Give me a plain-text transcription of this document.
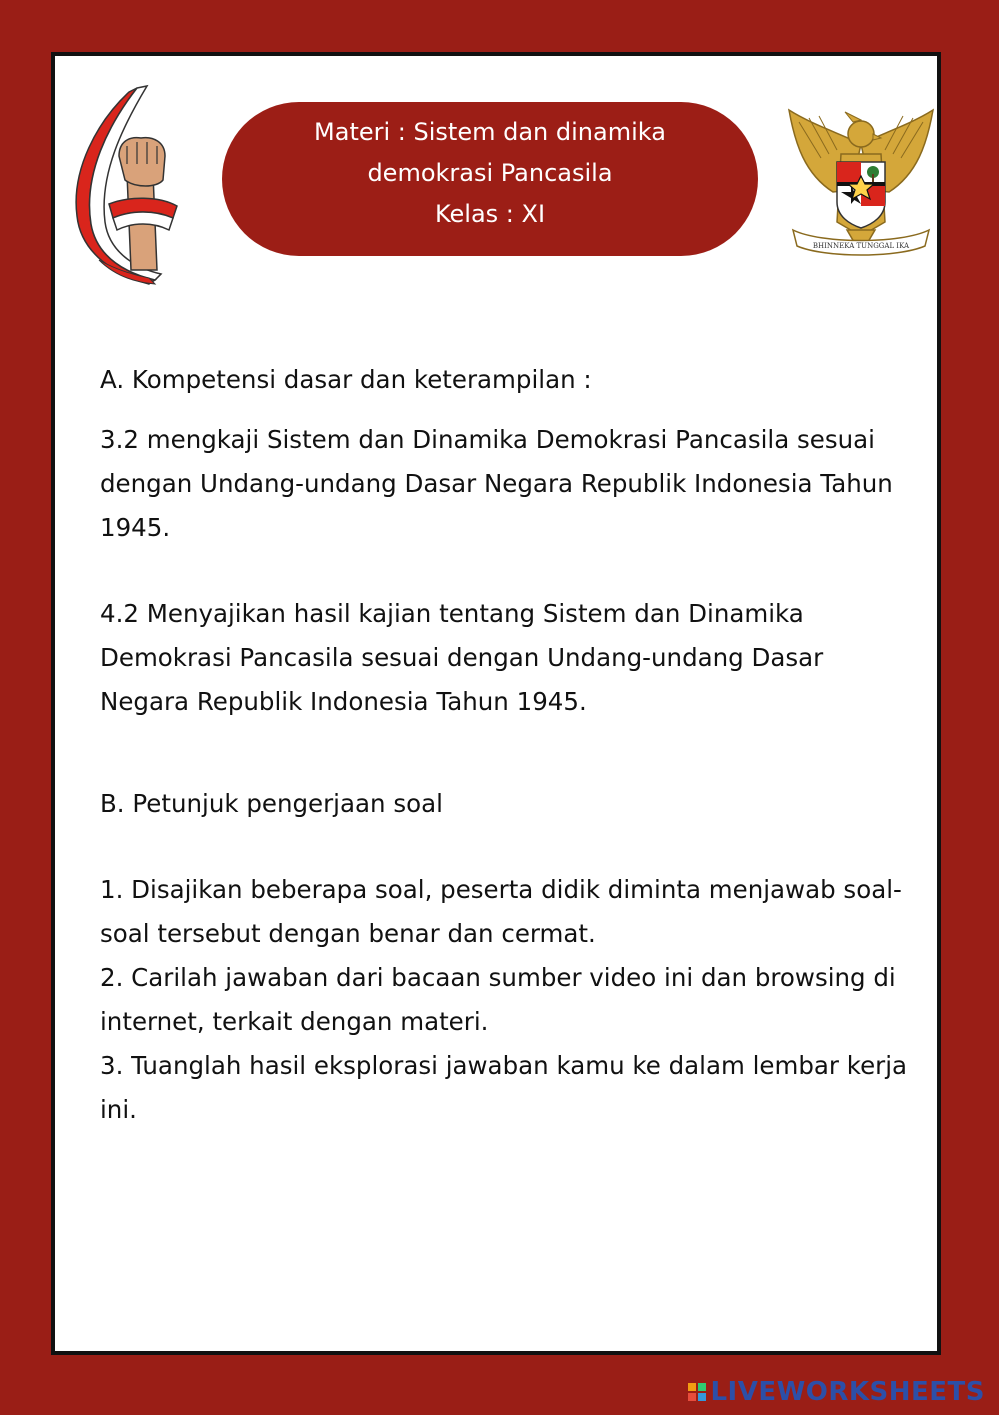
Materi : Sistem dan dinamika
demokrasi Pancasila
Kelas : XI
BHINNEKA TUNGGAL IKA

A. Kompetensi dasar dan keterampilan :

3.2 mengkaji Sistem dan Dinamika Demokrasi Pancasila sesuai dengan Undang-undang Dasar Negara Republik Indonesia Tahun 1945.

4.2 Menyajikan hasil kajian tentang Sistem dan Dinamika Demokrasi Pancasila sesuai dengan Undang-undang Dasar Negara Republik Indonesia Tahun 1945.

B. Petunjuk pengerjaan soal

1. Disajikan beberapa soal, peserta didik diminta menjawab soal-soal tersebut dengan benar dan cermat.

2. Carilah jawaban dari bacaan sumber video ini dan browsing di internet, terkait dengan materi.

3. Tuanglah hasil eksplorasi jawaban kamu ke dalam lembar kerja ini.

LIVEWORKSHEETS
